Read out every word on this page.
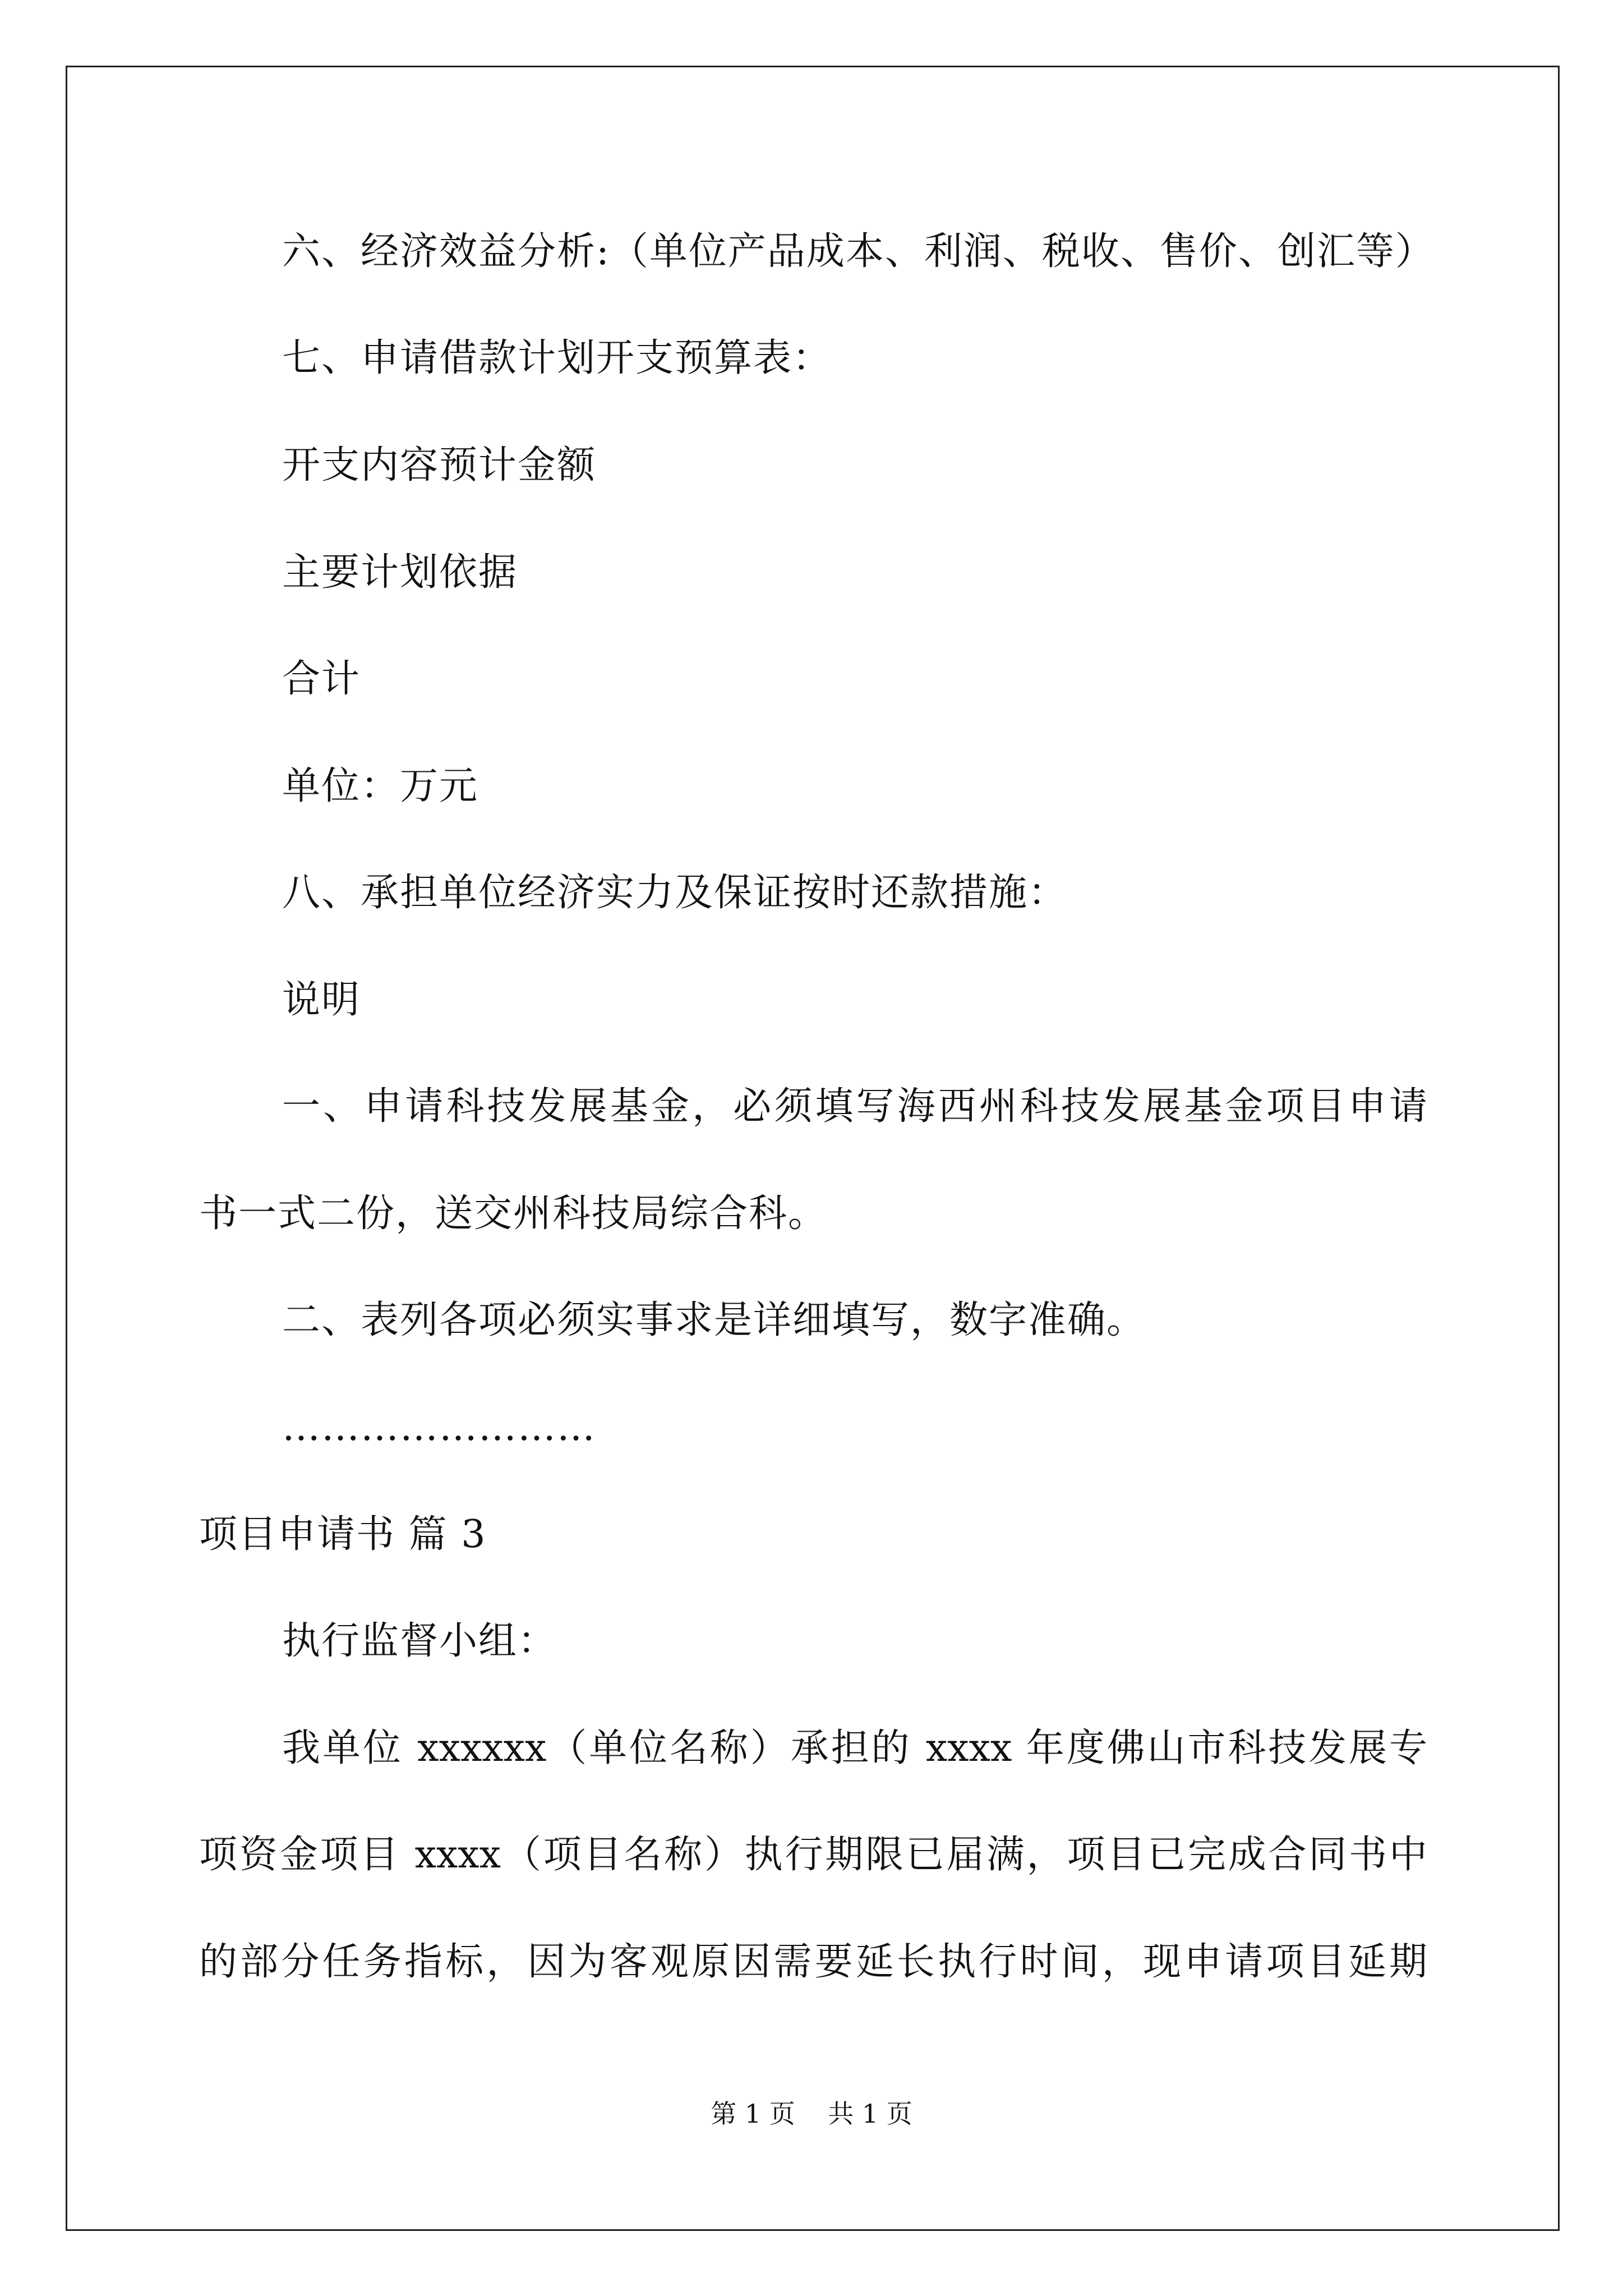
六、经济效益分析:（单位产品成本、利润、税收、售价、创汇等）
七、申请借款计划开支预算表：
开支内容预计金额
主要计划依据
合计
单位：万元
八、承担单位经济实力及保证按时还款措施：
说明
一、申请科技发展基金，必须填写海西州科技发展基金项目申请
书一式二份，送交州科技局综合科。
二、表列各项必须实事求是详细填写，数字准确。
……………………
项目申请书 篇 3
执行监督小组：
我单位 xxxxxx（单位名称）承担的 xxxx 年度佛山市科技发展专
项资金项目 xxxx（项目名称）执行期限已届满，项目已完成合同书中
的部分任务指标，因为客观原因需要延长执行时间，现申请项目延期
第 1 页    共 1 页
